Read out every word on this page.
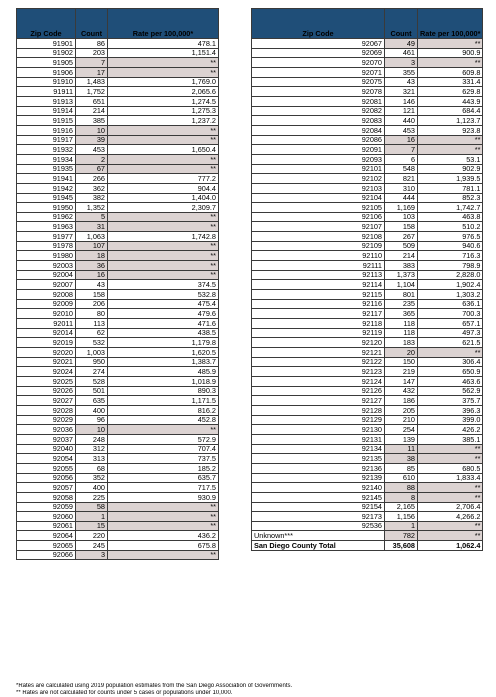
Zip Code	Count	Rate per 100,000*
91901	86	478.1
91902	203	1,151.4
91905	7	**
91906	17	**
91910	1,483	1,769.0
91911	1,752	2,065.6
91913	651	1,274.5
91914	214	1,275.3
91915	385	1,237.2
91916	10	**
91917	39	**
91932	453	1,650.4
91934	2	**
91935	67	**
91941	266	777.2
91942	362	904.4
91945	382	1,404.0
91950	1,352	2,309.7
91962	5	**
91963	31	**
91977	1,063	1,742.8
91978	107	**
91980	18	**
92003	36	**
92004	16	**
92007	43	374.5
92008	158	532.8
92009	206	475.4
92010	80	479.6
92011	113	471.6
92014	62	438.5
92019	532	1,179.8
92020	1,003	1,620.5
92021	950	1,383.7
92024	274	485.9
92025	528	1,018.9
92026	501	890.3
92027	635	1,171.5
92028	400	816.2
92029	96	452.8
92036	10	**
92037	248	572.9
92040	312	707.4
92054	313	737.5
92055	68	185.2
92056	352	635.7
92057	400	717.5
92058	225	930.9
92059	58	**
92060	1	**
92061	15	**
92064	220	436.2
92065	245	675.8
92066	3	**
Zip Code	Count	Rate per 100,000*
92067	49	**
92069	461	900.9
92070	3	**
92071	355	609.8
92075	43	331.4
92078	321	629.8
92081	146	443.9
92082	121	684.4
92083	440	1,123.7
92084	453	923.8
92086	16	**
92091	7	**
92093	6	53.1
92101	548	902.9
92102	821	1,939.5
92103	310	781.1
92104	444	852.3
92105	1,169	1,742.7
92106	103	463.8
92107	158	510.2
92108	267	976.5
92109	509	940.6
92110	214	716.3
92111	383	798.9
92113	1,373	2,828.0
92114	1,104	1,902.4
92115	801	1,303.2
92116	235	636.1
92117	365	700.3
92118	118	657.1
92119	118	497.3
92120	183	621.5
92121	20	**
92122	150	306.4
92123	219	650.9
92124	147	463.6
92126	432	562.9
92127	186	375.7
92128	205	396.3
92129	210	399.0
92130	254	426.2
92131	139	385.1
92134	11	**
92135	38	**
92136	85	680.5
92139	610	1,833.4
92140	88	**
92145	8	**
92154	2,165	2,706.4
92173	1,156	4,266.2
92536	1	**
Unknown***	782	**
San Diego County Total	35,608	1,062.4
*Rates are calculated using 2019 population estimates from the San Diego Association of Governments.
** Rates are not calculated for counts under 5 cases or populations under 10,000.
